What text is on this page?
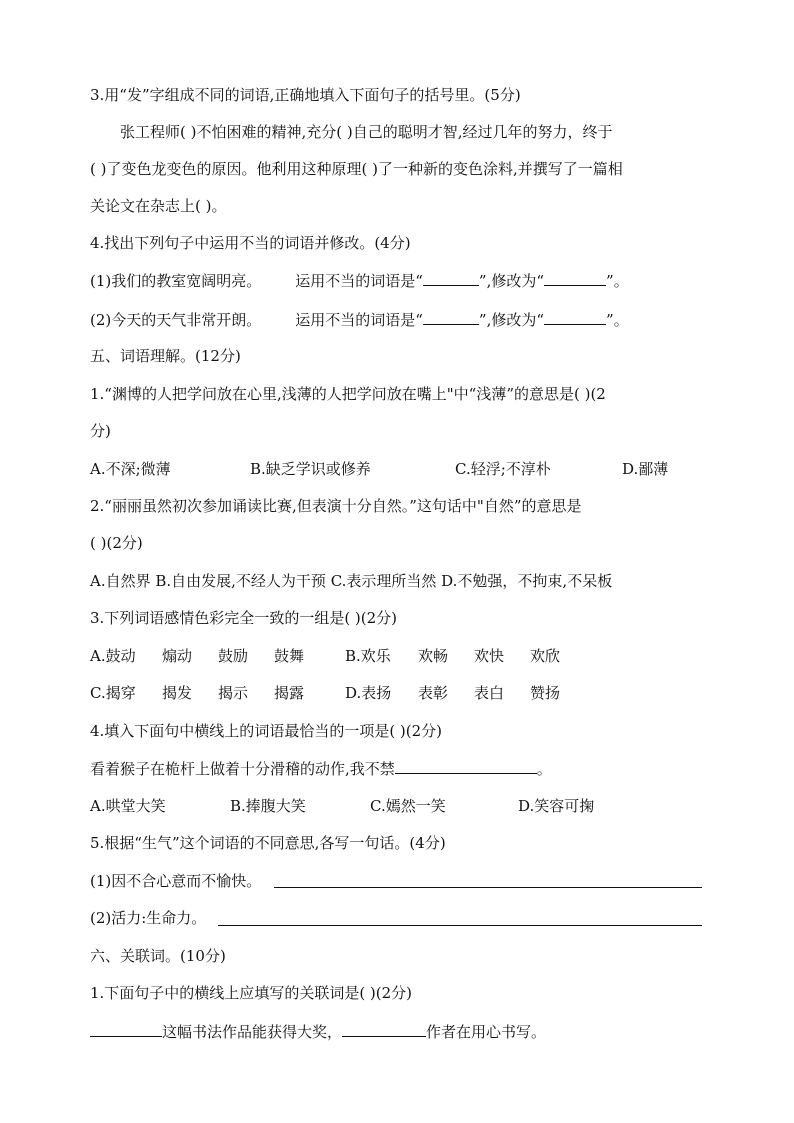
3.用“发”字组成不同的词语,正确地填入下面句子的括号里。(5分)
张工程师( )不怕困难的精神,充分( )自己的聪明才智,经过几年的努力，终于
( )了变色龙变色的原因。他利用这种原理( )了一种新的变色涂料,并撰写了一篇相
关论文在杂志上( )。
4.找出下列句子中运用不当的词语并修改。(4分)
(1)我们的教室宽阔明亮。 运用不当的词语是“	”,修改为“	”。
(2)今天的天气非常开朗。 运用不当的词语是“	”,修改为“	”。
五、词语理解。(12分)
1.“渊博的人把学问放在心里,浅薄的人把学问放在嘴上"中“浅薄”的意思是( )(2
分)
A.不深;微薄	B.缺乏学识或修养	C.轻浮;不淳朴	D.鄙薄
2.“丽丽虽然初次参加诵读比赛,但表演十分自然。”这句话中"自然”的意思是
( )(2分)
A.自然界 B.自由发展,不经人为干预 C.表示理所当然 D.不勉强，不拘束,不呆板
3.下列词语感情色彩完全一致的一组是( )(2分)
A.鼓动 煽动 鼓励 鼓舞	B.欢乐 欢畅 欢快 欢欣
C.揭穿 揭发 揭示 揭露	D.表扬 表彰 表白 赞扬
4.填入下面句中横线上的词语最恰当的一项是( )(2分)
看着猴子在桅杆上做着十分滑稽的动作,我不禁	。
A.哄堂大笑	B.捧腹大笑	C.嫣然一笑	D.笑容可掬
5.根据“生气”这个词语的不同意思,各写一句话。(4分)
(1)因不合心意而不愉快。
(2)活力:生命力。
六、关联词。(10分)
1.下面句子中的横线上应填写的关联词是( )(2分)
这幅书法作品能获得大奖，	作者在用心书写。
